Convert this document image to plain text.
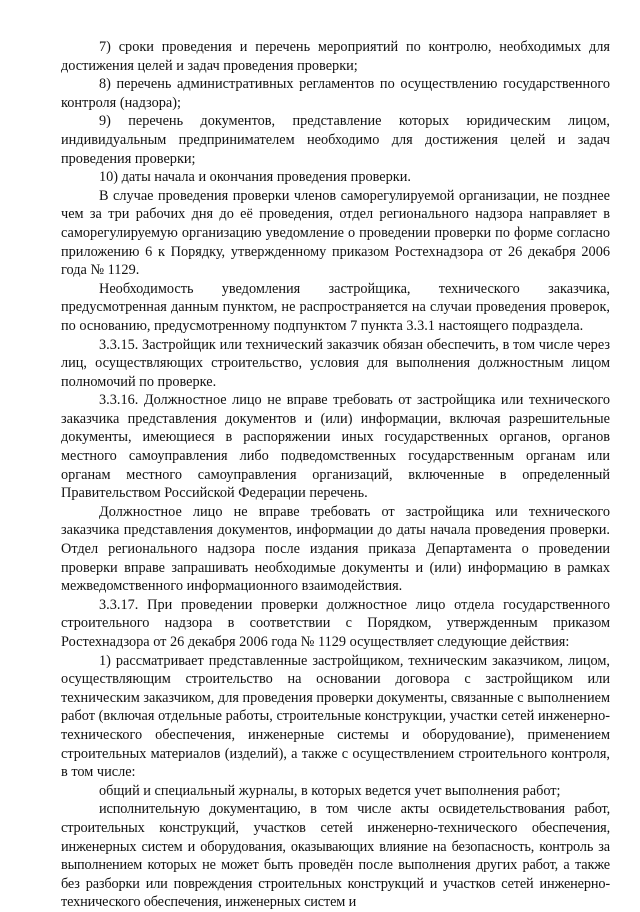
7) сроки проведения и перечень мероприятий по контролю, необходимых для достижения целей и задач проведения проверки;

8) перечень административных регламентов по осуществлению государственного контроля (надзора);

9) перечень документов, представление которых юридическим лицом, индивидуальным предпринимателем необходимо для достижения целей и задач проведения проверки;

10) даты начала и окончания проведения проверки.

В случае проведения проверки членов саморегулируемой организации, не позднее чем за три рабочих дня до её проведения, отдел регионального надзора направляет в саморегулируемую организацию уведомление о проведении проверки по форме согласно приложению 6 к Порядку, утвержденному приказом Ростехнадзора от 26 декабря 2006 года № 1129.

Необходимость уведомления застройщика, технического заказчика, предусмотренная данным пунктом, не распространяется на случаи проведения проверок, по основанию, предусмотренному подпунктом 7 пункта 3.3.1 настоящего подраздела.

3.3.15. Застройщик или технический заказчик обязан обеспечить, в том числе через лиц, осуществляющих строительство, условия для выполнения должностным лицом полномочий по проверке.

3.3.16. Должностное лицо не вправе требовать от застройщика или технического заказчика представления документов и (или) информации, включая разрешительные документы, имеющиеся в распоряжении иных государственных органов, органов местного самоуправления либо подведомственных государственным органам или органам местного самоуправления организаций, включенные в определенный Правительством Российской Федерации перечень.

Должностное лицо не вправе требовать от застройщика или технического заказчика представления документов, информации до даты начала проведения проверки. Отдел регионального надзора после издания приказа Департамента о проведении проверки вправе запрашивать необходимые документы и (или) информацию в рамках межведомственного информационного взаимодействия.

3.3.17. При проведении проверки должностное лицо отдела государственного строительного надзора в соответствии с Порядком, утвержденным приказом Ростехнадзора от 26 декабря 2006 года № 1129 осуществляет следующие действия:

1) рассматривает представленные застройщиком, техническим заказчиком, лицом, осуществляющим строительство на основании договора с застройщиком или техническим заказчиком, для проведения проверки документы, связанные с выполнением работ (включая отдельные работы, строительные конструкции, участки сетей инженерно-технического обеспечения, инженерные системы и оборудование), применением строительных материалов (изделий), а также с осуществлением строительного контроля, в том числе:

общий и специальный журналы, в которых ведется учет выполнения работ;

исполнительную документацию, в том числе акты освидетельствования работ, строительных конструкций, участков сетей инженерно-технического обеспечения, инженерных систем и оборудования, оказывающих влияние на безопасность, контроль за выполнением которых не может быть проведён после выполнения других работ, а также без разборки или повреждения строительных конструкций и участков сетей инженерно-технического обеспечения, инженерных систем и
